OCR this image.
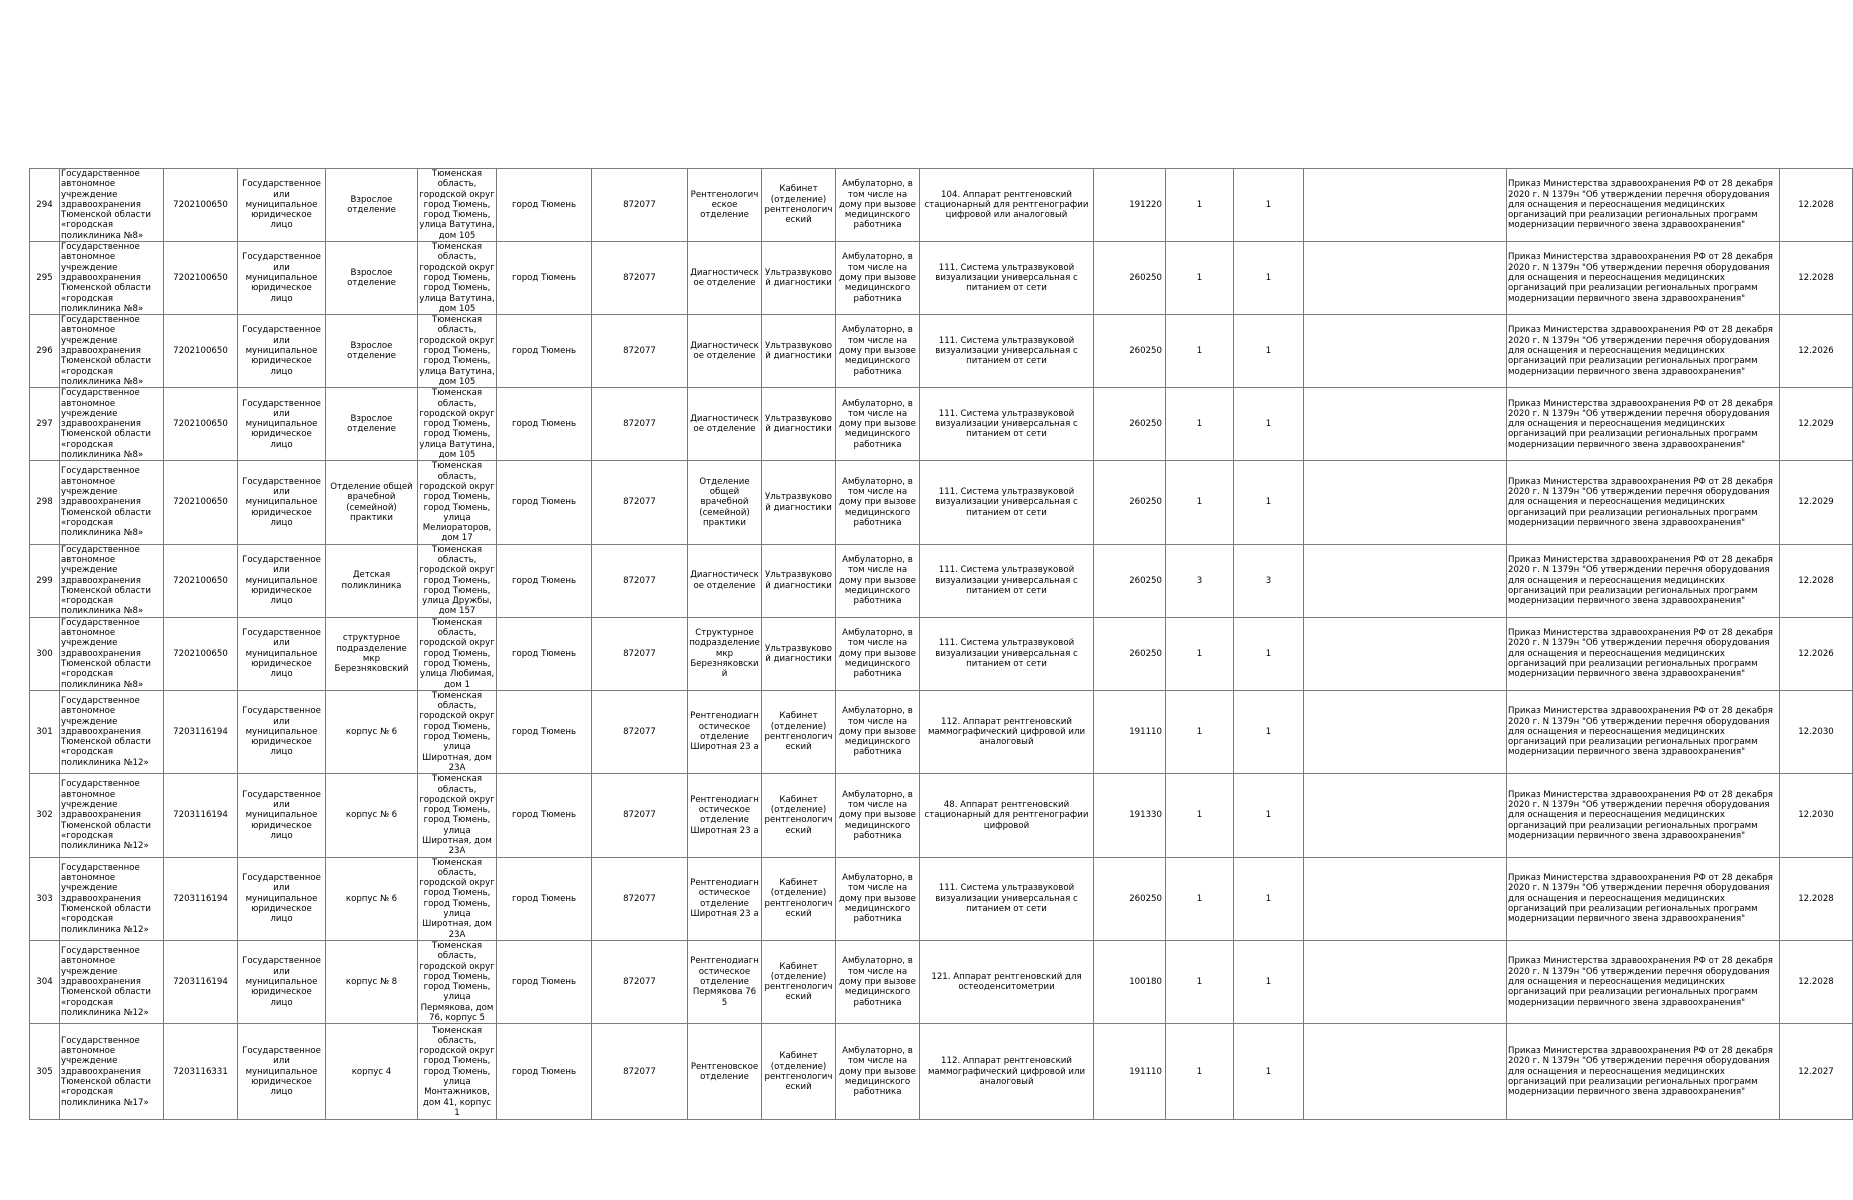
294	Государственное автономное учреждение здравоохранения Тюменской области «городская поликлиника №8»	7202100650	Государственное или муниципальное юридическое лицо	Взрослое отделение	Тюменская область, городской округ город Тюмень, город Тюмень, улица Ватутина, дом 105	город Тюмень	872077	Рентгенологическое отделение	Кабинет (отделение) рентгенологический	Амбулаторно, в том числе на дому при вызове медицинского работника	104. Аппарат рентгеновский стационарный для рентгенографии цифровой или аналоговый	191220	1	1		Приказ Министерства здравоохранения РФ от 28 декабря 2020 г. N 1379н "Об утверждении перечня оборудования для оснащения и переоснащения медицинских организаций при реализации региональных программ модернизации первичного звена здравоохранения"	12.2028
295	Государственное автономное учреждение здравоохранения Тюменской области «городская поликлиника №8»	7202100650	Государственное или муниципальное юридическое лицо	Взрослое отделение	Тюменская область, городской округ город Тюмень, город Тюмень, улица Ватутина, дом 105	город Тюмень	872077	Диагностическое отделение	Ультразвуковой диагностики	Амбулаторно, в том числе на дому при вызове медицинского работника	111. Система ультразвуковой визуализации универсальная с питанием от сети	260250	1	1		Приказ Министерства здравоохранения РФ от 28 декабря 2020 г. N 1379н "Об утверждении перечня оборудования для оснащения и переоснащения медицинских организаций при реализации региональных программ модернизации первичного звена здравоохранения"	12.2028
296	Государственное автономное учреждение здравоохранения Тюменской области «городская поликлиника №8»	7202100650	Государственное или муниципальное юридическое лицо	Взрослое отделение	Тюменская область, городской округ город Тюмень, город Тюмень, улица Ватутина, дом 105	город Тюмень	872077	Диагностическое отделение	Ультразвуковой диагностики	Амбулаторно, в том числе на дому при вызове медицинского работника	111. Система ультразвуковой визуализации универсальная с питанием от сети	260250	1	1		Приказ Министерства здравоохранения РФ от 28 декабря 2020 г. N 1379н "Об утверждении перечня оборудования для оснащения и переоснащения медицинских организаций при реализации региональных программ модернизации первичного звена здравоохранения"	12.2026
297	Государственное автономное учреждение здравоохранения Тюменской области «городская поликлиника №8»	7202100650	Государственное или муниципальное юридическое лицо	Взрослое отделение	Тюменская область, городской округ город Тюмень, город Тюмень, улица Ватутина, дом 105	город Тюмень	872077	Диагностическое отделение	Ультразвуковой диагностики	Амбулаторно, в том числе на дому при вызове медицинского работника	111. Система ультразвуковой визуализации универсальная с питанием от сети	260250	1	1		Приказ Министерства здравоохранения РФ от 28 декабря 2020 г. N 1379н "Об утверждении перечня оборудования для оснащения и переоснащения медицинских организаций при реализации региональных программ модернизации первичного звена здравоохранения"	12.2029
298	Государственное автономное учреждение здравоохранения Тюменской области «городская поликлиника №8»	7202100650	Государственное или муниципальное юридическое лицо	Отделение общей врачебной (семейной) практики	Тюменская область, городской округ город Тюмень, город Тюмень, улица Мелиораторов, дом 17	город Тюмень	872077	Отделение общей врачебной (семейной) практики	Ультразвуковой диагностики	Амбулаторно, в том числе на дому при вызове медицинского работника	111. Система ультразвуковой визуализации универсальная с питанием от сети	260250	1	1		Приказ Министерства здравоохранения РФ от 28 декабря 2020 г. N 1379н "Об утверждении перечня оборудования для оснащения и переоснащения медицинских организаций при реализации региональных программ модернизации первичного звена здравоохранения"	12.2029
299	Государственное автономное учреждение здравоохранения Тюменской области «городская поликлиника №8»	7202100650	Государственное или муниципальное юридическое лицо	Детская поликлиника	Тюменская область, городской округ город Тюмень, город Тюмень, улица Дружбы, дом 157	город Тюмень	872077	Диагностическое отделение	Ультразвуковой диагностики	Амбулаторно, в том числе на дому при вызове медицинского работника	111. Система ультразвуковой визуализации универсальная с питанием от сети	260250	3	3		Приказ Министерства здравоохранения РФ от 28 декабря 2020 г. N 1379н "Об утверждении перечня оборудования для оснащения и переоснащения медицинских организаций при реализации региональных программ модернизации первичного звена здравоохранения"	12.2028
300	Государственное автономное учреждение здравоохранения Тюменской области «городская поликлиника №8»	7202100650	Государственное или муниципальное юридическое лицо	структурное подразделение мкр Березняковский	Тюменская область, городской округ город Тюмень, город Тюмень, улица Любимая, дом 1	город Тюмень	872077	Структурное подразделение мкр Березняковский	Ультразвуковой диагностики	Амбулаторно, в том числе на дому при вызове медицинского работника	111. Система ультразвуковой визуализации универсальная с питанием от сети	260250	1	1		Приказ Министерства здравоохранения РФ от 28 декабря 2020 г. N 1379н "Об утверждении перечня оборудования для оснащения и переоснащения медицинских организаций при реализации региональных программ модернизации первичного звена здравоохранения"	12.2026
301	Государственное автономное учреждение здравоохранения Тюменской области «городская поликлиника №12»	7203116194	Государственное или муниципальное юридическое лицо	корпус № 6	Тюменская область, городской округ город Тюмень, город Тюмень, улица Широтная, дом 23А	город Тюмень	872077	Рентгенодиагностическое отделение Широтная 23 а	Кабинет (отделение) рентгенологический	Амбулаторно, в том числе на дому при вызове медицинского работника	112. Аппарат рентгеновский маммографический цифровой или аналоговый	191110	1	1		Приказ Министерства здравоохранения РФ от 28 декабря 2020 г. N 1379н "Об утверждении перечня оборудования для оснащения и переоснащения медицинских организаций при реализации региональных программ модернизации первичного звена здравоохранения"	12.2030
302	Государственное автономное учреждение здравоохранения Тюменской области «городская поликлиника №12»	7203116194	Государственное или муниципальное юридическое лицо	корпус № 6	Тюменская область, городской округ город Тюмень, город Тюмень, улица Широтная, дом 23А	город Тюмень	872077	Рентгенодиагностическое отделение Широтная 23 а	Кабинет (отделение) рентгенологический	Амбулаторно, в том числе на дому при вызове медицинского работника	48. Аппарат рентгеновский стационарный для рентгенографии цифровой	191330	1	1		Приказ Министерства здравоохранения РФ от 28 декабря 2020 г. N 1379н "Об утверждении перечня оборудования для оснащения и переоснащения медицинских организаций при реализации региональных программ модернизации первичного звена здравоохранения"	12.2030
303	Государственное автономное учреждение здравоохранения Тюменской области «городская поликлиника №12»	7203116194	Государственное или муниципальное юридическое лицо	корпус № 6	Тюменская область, городской округ город Тюмень, город Тюмень, улица Широтная, дом 23А	город Тюмень	872077	Рентгенодиагностическое отделение Широтная 23 а	Кабинет (отделение) рентгенологический	Амбулаторно, в том числе на дому при вызове медицинского работника	111. Система ультразвуковой визуализации универсальная с питанием от сети	260250	1	1		Приказ Министерства здравоохранения РФ от 28 декабря 2020 г. N 1379н "Об утверждении перечня оборудования для оснащения и переоснащения медицинских организаций при реализации региональных программ модернизации первичного звена здравоохранения"	12.2028
304	Государственное автономное учреждение здравоохранения Тюменской области «городская поликлиника №12»	7203116194	Государственное или муниципальное юридическое лицо	корпус № 8	Тюменская область, городской округ город Тюмень, город Тюмень, улица Пермякова, дом 76, корпус 5	город Тюмень	872077	Рентгенодиагностическое отделение Пермякова 76 5	Кабинет (отделение) рентгенологический	Амбулаторно, в том числе на дому при вызове медицинского работника	121. Аппарат рентгеновский для остеоденситометрии	100180	1	1		Приказ Министерства здравоохранения РФ от 28 декабря 2020 г. N 1379н "Об утверждении перечня оборудования для оснащения и переоснащения медицинских организаций при реализации региональных программ модернизации первичного звена здравоохранения"	12.2028
305	Государственное автономное учреждение здравоохранения Тюменской области «городская поликлиника №17»	7203116331	Государственное или муниципальное юридическое лицо	корпус 4	Тюменская область, городской округ город Тюмень, город Тюмень, улица Монтажников, дом 41, корпус 1	город Тюмень	872077	Рентгеновское отделение	Кабинет (отделение) рентгенологический	Амбулаторно, в том числе на дому при вызове медицинского работника	112. Аппарат рентгеновский маммографический цифровой или аналоговый	191110	1	1		Приказ Министерства здравоохранения РФ от 28 декабря 2020 г. N 1379н "Об утверждении перечня оборудования для оснащения и переоснащения медицинских организаций при реализации региональных программ модернизации первичного звена здравоохранения"	12.2027
